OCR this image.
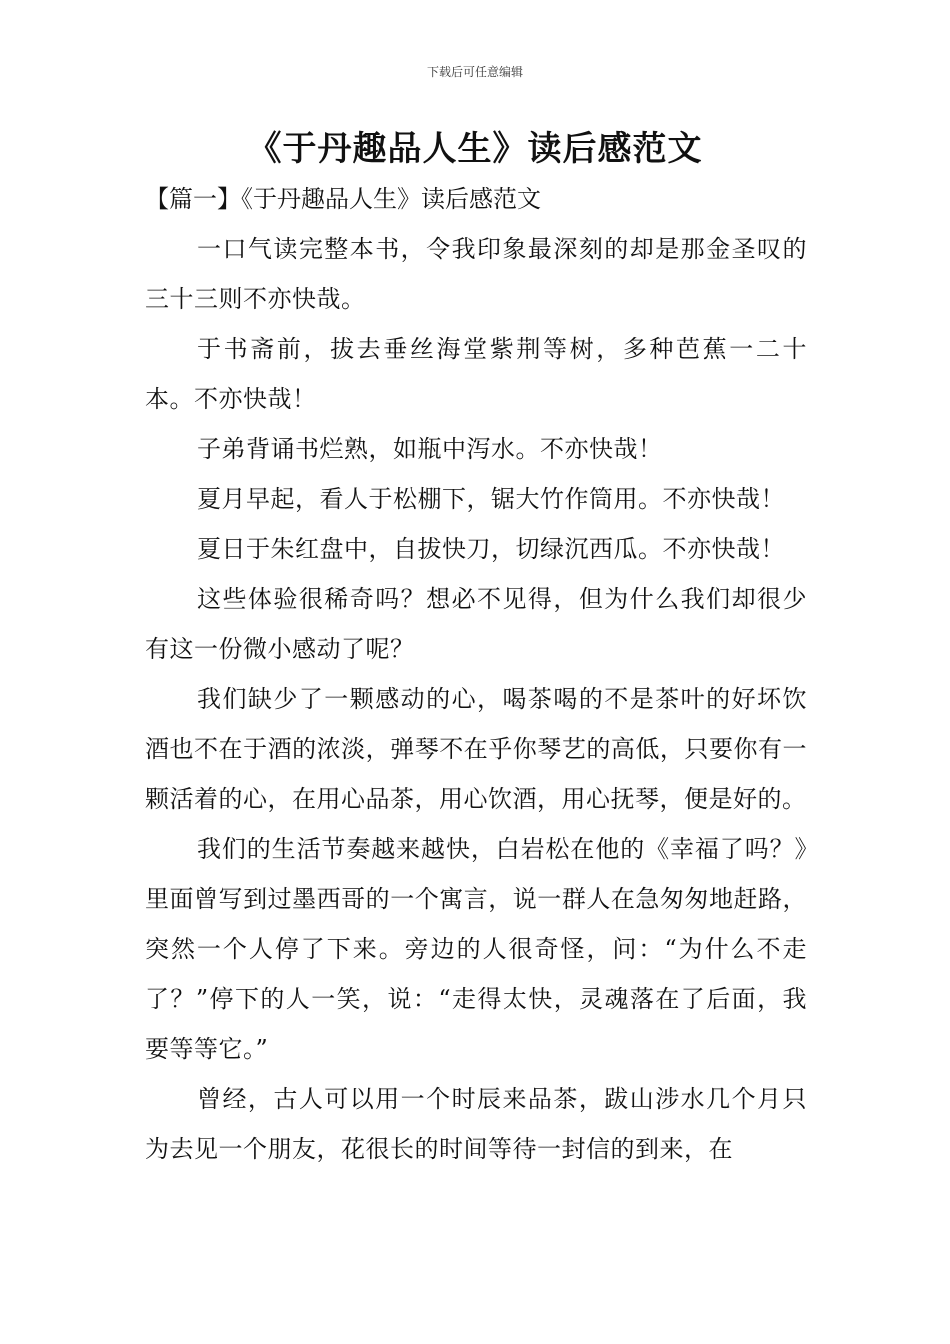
下载后可任意编辑
《于丹趣品人生》读后感范文

【篇一】《于丹趣品人生》读后感范文

一口气读完整本书，令我印象最深刻的却是那金圣叹的三十三则不亦快哉。

于书斋前，拔去垂丝海堂紫荆等树，多种芭蕉一二十本。不亦快哉！

子弟背诵书烂熟，如瓶中泻水。不亦快哉！

夏月早起，看人于松棚下，锯大竹作筒用。不亦快哉！

夏日于朱红盘中，自拔快刀，切绿沉西瓜。不亦快哉！

这些体验很稀奇吗？想必不见得，但为什么我们却很少有这一份微小感动了呢？

我们缺少了一颗感动的心，喝茶喝的不是茶叶的好坏饮酒也不在于酒的浓淡，弹琴不在乎你琴艺的高低，只要你有一颗活着的心，在用心品茶，用心饮酒，用心抚琴，便是好的。

我们的生活节奏越来越快，白岩松在他的《幸福了吗？》里面曾写到过墨西哥的一个寓言，说一群人在急匆匆地赶路，突然一个人停了下来。旁边的人很奇怪，问：“为什么不走了？”停下的人一笑，说：“走得太快，灵魂落在了后面，我要等等它。”

曾经，古人可以用一个时辰来品茶，跋山涉水几个月只为去见一个朋友，花很长的时间等待一封信的到来，在
